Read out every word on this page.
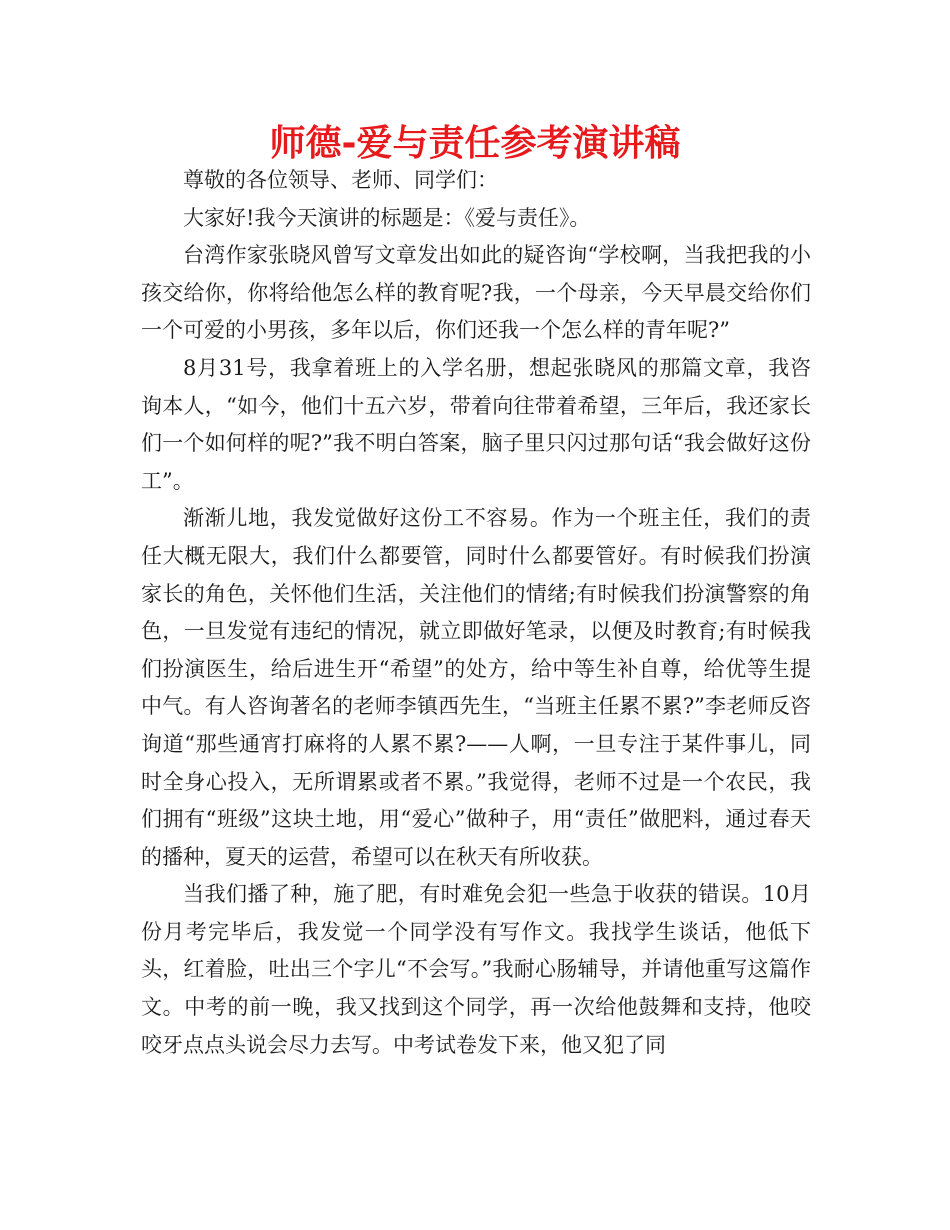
师德-爱与责任参考演讲稿

尊敬的各位领导、老师、同学们：

大家好!我今天演讲的标题是：《爱与责任》。

台湾作家张晓风曾写文章发出如此的疑咨询“学校啊，当我把我的小孩交给你，你将给他怎么样的教育呢?我，一个母亲，今天早晨交给你们一个可爱的小男孩，多年以后，你们还我一个怎么样的青年呢?”

8月31号，我拿着班上的入学名册，想起张晓风的那篇文章，我咨询本人，“如今，他们十五六岁，带着向往带着希望，三年后，我还家长们一个如何样的呢?”我不明白答案，脑子里只闪过那句话“我会做好这份工”。

渐渐儿地，我发觉做好这份工不容易。作为一个班主任，我们的责任大概无限大，我们什么都要管，同时什么都要管好。有时候我们扮演家长的角色，关怀他们生活，关注他们的情绪;有时候我们扮演警察的角色，一旦发觉有违纪的情况，就立即做好笔录，以便及时教育;有时候我们扮演医生，给后进生开“希望”的处方，给中等生补自尊，给优等生提中气。有人咨询著名的老师李镇西先生，“当班主任累不累?”李老师反咨询道“那些通宵打麻将的人累不累?——人啊，一旦专注于某件事儿，同时全身心投入，无所谓累或者不累。”我觉得，老师不过是一个农民，我们拥有“班级”这块土地，用“爱心”做种子，用“责任”做肥料，通过春天的播种，夏天的运营，希望可以在秋天有所收获。

当我们播了种，施了肥，有时难免会犯一些急于收获的错误。10月份月考完毕后，我发觉一个同学没有写作文。我找学生谈话，他低下头，红着脸，吐出三个字儿“不会写。”我耐心肠辅导，并请他重写这篇作文。中考的前一晚，我又找到这个同学，再一次给他鼓舞和支持，他咬咬牙点点头说会尽力去写。中考试卷发下来，他又犯了同
